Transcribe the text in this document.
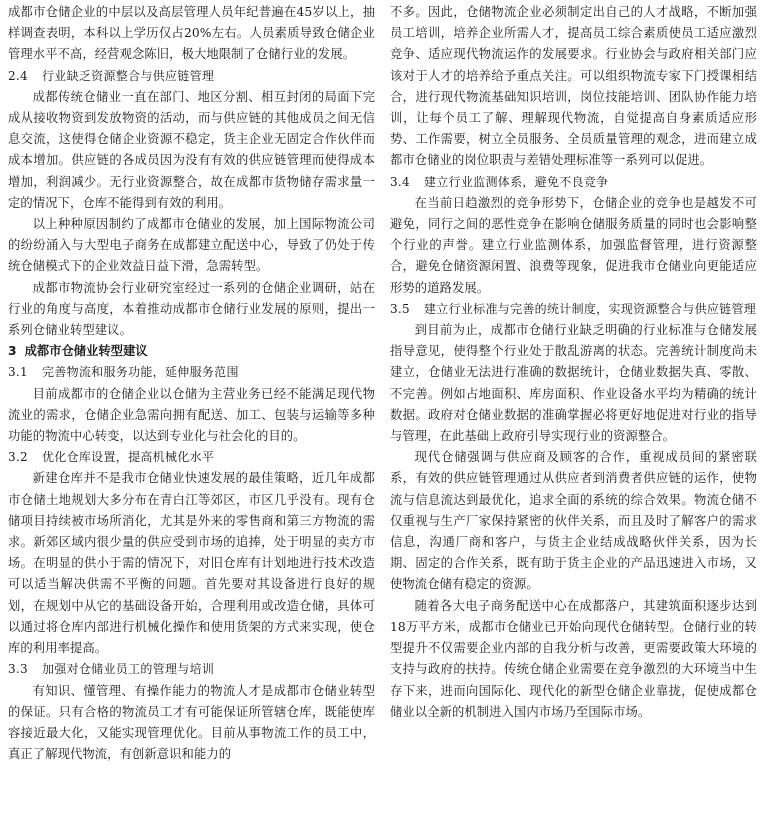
成都市仓储企业的中层以及高层管理人员年纪普遍在45岁以上，抽样调查表明，本科以上学历仅占20%左右。人员素质导致仓储企业管理水平不高，经营观念陈旧，极大地限制了仓储行业的发展。

2.4 行业缺乏资源整合与供应链管理

成都传统仓储业一直在部门、地区分割、相互封闭的局面下完成从接收物资到发放物资的活动，而与供应链的其他成员之间无信息交流，这使得仓储企业资源不稳定，货主企业无固定合作伙伴而成本增加。供应链的各成员因为没有有效的供应链管理而使得成本增加，利润减少。无行业资源整合，故在成都市货物储存需求量一定的情况下，仓库不能得到有效的利用。

以上种种原因制约了成都市仓储业的发展，加上国际物流公司的纷纷涌入与大型电子商务在成都建立配送中心，导致了仍处于传统仓储模式下的企业效益日益下滑，急需转型。

成都市物流协会行业研究室经过一系列的仓储企业调研，站在行业的角度与高度，本着推动成都市仓储行业发展的原则，提出一系列仓储业转型建议。

3 成都市仓储业转型建议

3.1 完善物流和服务功能，延伸服务范围

目前成都市的仓储企业以仓储为主营业务已经不能满足现代物流业的需求，仓储企业急需向拥有配送、加工、包装与运输等多种功能的物流中心转变，以达到专业化与社会化的目的。

3.2 优化仓库设置，提高机械化水平

新建仓库并不是我市仓储业快速发展的最佳策略，近几年成都市仓储土地规划大多分布在青白江等郊区，市区几乎没有。现有仓储项目持续被市场所消化，尤其是外来的零售商和第三方物流的需求。新郊区域内很少量的供应受到市场的追捧，处于明显的卖方市场。在明显的供小于需的情况下，对旧仓库有计划地进行技术改造可以适当解决供需不平衡的问题。首先要对其设备进行良好的规划，在规划中从它的基础设备开始，合理利用或改造仓储，具体可以通过将仓库内部进行机械化操作和使用货架的方式来实现，使仓库的利用率提高。

3.3 加强对仓储业员工的管理与培训

有知识、懂管理、有操作能力的物流人才是成都市仓储业转型的保证。只有合格的物流员工才有可能保证所管辖仓库，既能使库容接近最大化，又能实现管理优化。目前从事物流工作的员工中，真正了解现代物流，有创新意识和能力的

不多。因此，仓储物流企业必须制定出自己的人才战略，不断加强员工培训，培养企业所需人才，提高员工综合素质使员工适应激烈竞争、适应现代物流运作的发展要求。行业协会与政府相关部门应该对于人才的培养给予重点关注。可以组织物流专家下门授课相结合，进行现代物流基础知识培训，岗位技能培训、团队协作能力培训，让每个员工了解、理解现代物流，自觉提高自身素质适应形势、工作需要，树立全员服务、全员质量管理的观念，进而建立成都市仓储业的岗位职责与差错处理标准等一系列可以促进。

3.4 建立行业监测体系，避免不良竞争

在当前日趋激烈的竞争形势下，仓储企业的竞争也是越发不可避免，同行之间的恶性竞争在影响仓储服务质量的同时也会影响整个行业的声誉。建立行业监测体系，加强监督管理，进行资源整合，避免仓储资源闲置、浪费等现象，促进我市仓储业向更能适应形势的道路发展。

3.5 建立行业标准与完善的统计制度，实现资源整合与供应链管理

到目前为止，成都市仓储行业缺乏明确的行业标准与仓储发展指导意见，使得整个行业处于散乱游离的状态。完善统计制度尚未建立，仓储业无法进行准确的数据统计，仓储业数据失真、零散、不完善。例如占地面积、库房面积、作业设备水平均为精确的统计数据。政府对仓储业数据的准确掌握必将更好地促进对行业的指导与管理，在此基础上政府引导实现行业的资源整合。

现代仓储强调与供应商及顾客的合作，重视成员间的紧密联系，有效的供应链管理通过从供应者到消费者供应链的运作，使物流与信息流达到最优化，追求全面的系统的综合效果。物流仓储不仅重视与生产厂家保持紧密的伙伴关系，而且及时了解客户的需求信息，沟通厂商和客户，与货主企业结成战略伙伴关系，因为长期、固定的合作关系，既有助于货主企业的产品迅速进入市场，又使物流仓储有稳定的资源。

随着各大电子商务配送中心在成都落户，其建筑面积逐步达到18万平方米，成都市仓储业已开始向现代仓储转型。仓储行业的转型提升不仅需要企业内部的自我分析与改善，更需要政策大环境的支持与政府的扶持。传统仓储企业需要在竞争激烈的大环境当中生存下来，进而向国际化、现代化的新型仓储企业靠拢，促使成都仓储业以全新的机制进入国内市场乃至国际市场。
